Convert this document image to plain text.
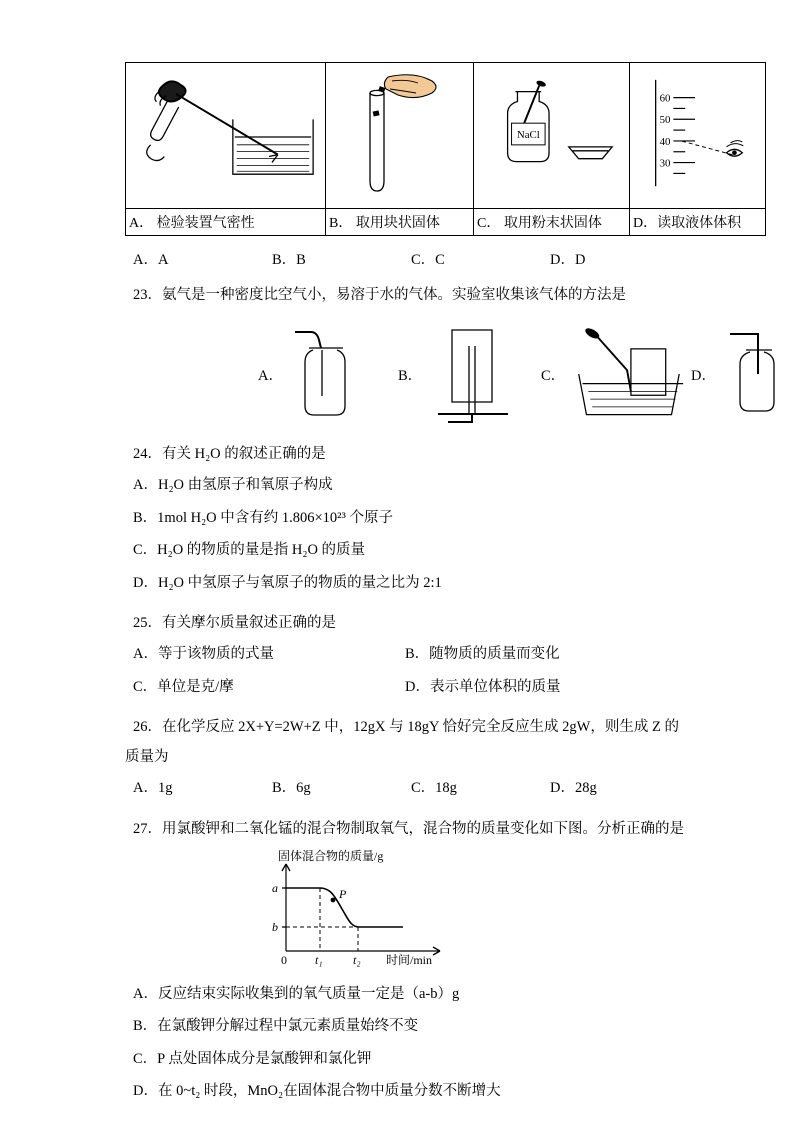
NaCl	60
50
40
30

A． 检验装置气密性	B． 取用块状固体	C． 取用粉末状固体	D．读取液体体积
A．A	B．B	C．C	D．D
23．氨气是一种密度比空气小，易溶于水的气体。实验室收集该气体的方法是
A．	B．	C．	D．
24．有关 H₂O 的叙述正确的是
A．H₂O 由氢原子和氧原子构成
B．1mol H₂O 中含有约 1.806×10²³ 个原子
C．H₂O 的物质的量是指 H₂O 的质量
D．H₂O 中氢原子与氧原子的物质的量之比为 2:1
25．有关摩尔质量叙述正确的是
A．等于该物质的式量	B．随物质的质量而变化
C．单位是克/摩	D．表示单位体积的质量
26．在化学反应 2X+Y=2W+Z 中，12gX 与 18gY 恰好完全反应生成 2gW，则生成 Z 的
质量为
A．1g	B．6g	C．18g	D．28g
27．用氯酸钾和二氧化锰的混合物制取氧气，混合物的质量变化如下图。分析正确的是
固体混合物的质量/g
a
b
P
0 t₁	t₂ 时间/min
A．反应结束实际收集到的氧气质量一定是（a-b）g
B．在氯酸钾分解过程中氯元素质量始终不变
C．P 点处固体成分是氯酸钾和氯化钾
D．在 0~t₂ 时段，MnO₂在固体混合物中质量分数不断增大
